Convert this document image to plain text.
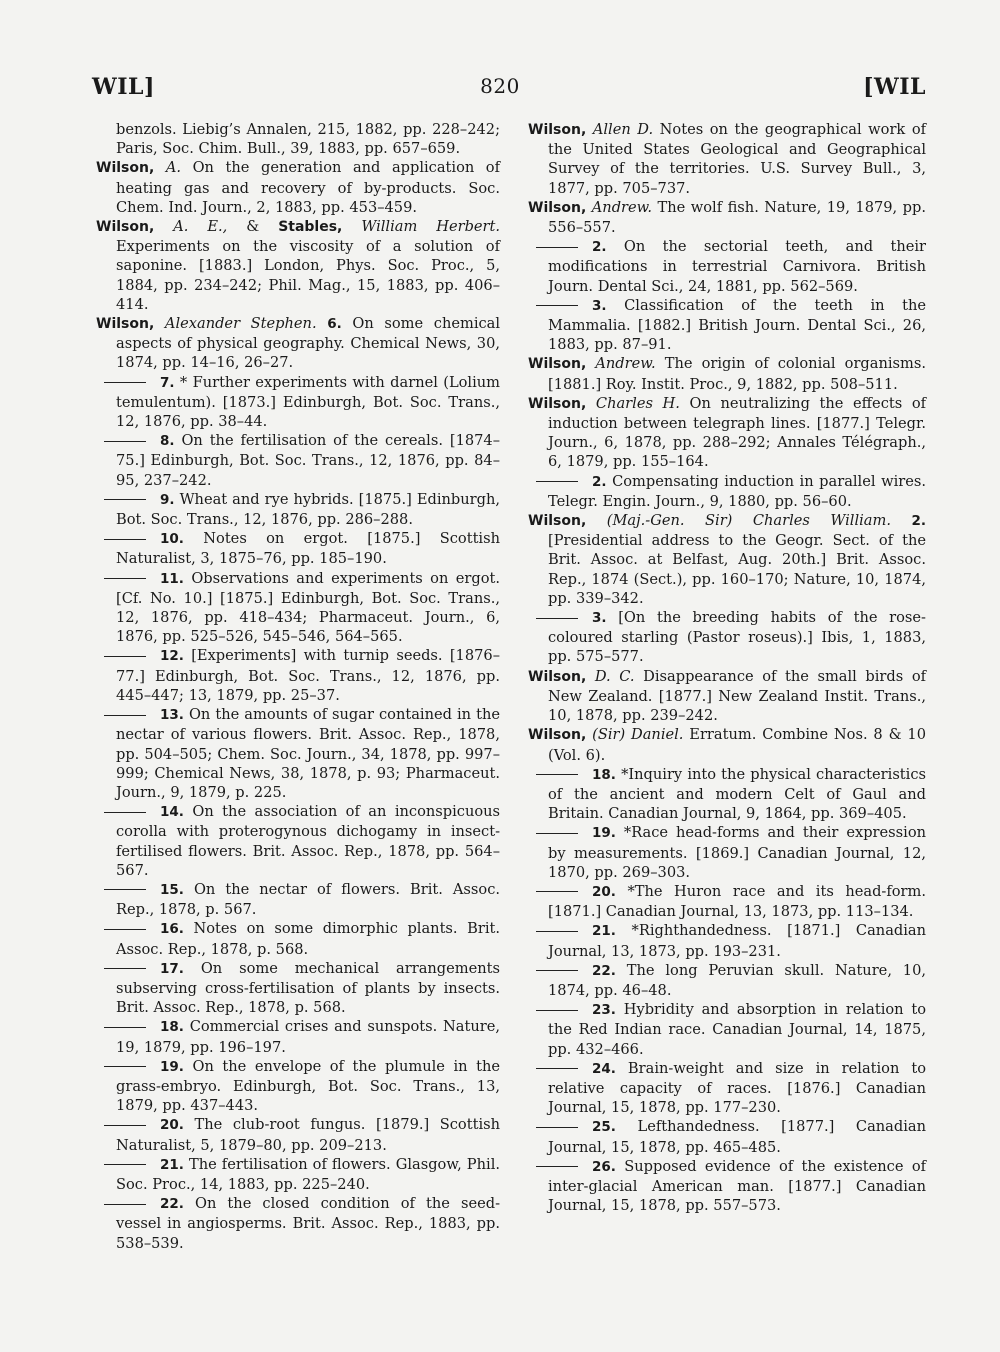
WIL]	820	[WIL

benzols. Liebig’s Annalen, 215, 1882, pp. 228–242; Paris, Soc. Chim. Bull., 39, 1883, pp. 657–659.

Wilson, A. On the generation and application of heating gas and recovery of by-products. Soc. Chem. Ind. Journ., 2, 1883, pp. 453–459.

Wilson, A. E., & Stables, William Herbert. Experiments on the viscosity of a solution of saponine. [1883.] London, Phys. Soc. Proc., 5, 1884, pp. 234–242; Phil. Mag., 15, 1883, pp. 406–414.

Wilson, Alexander Stephen. 6. On some chemical aspects of physical geography. Chemical News, 30, 1874, pp. 14–16, 26–27.

7. * Further experiments with darnel (Lolium temulentum). [1873.] Edinburgh, Bot. Soc. Trans., 12, 1876, pp. 38–44.

8. On the fertilisation of the cereals. [1874–75.] Edinburgh, Bot. Soc. Trans., 12, 1876, pp. 84–95, 237–242.

9. Wheat and rye hybrids. [1875.] Edinburgh, Bot. Soc. Trans., 12, 1876, pp. 286–288.

10. Notes on ergot. [1875.] Scottish Naturalist, 3, 1875–76, pp. 185–190.

11. Observations and experiments on ergot. [Cf. No. 10.] [1875.] Edinburgh, Bot. Soc. Trans., 12, 1876, pp. 418–434; Pharmaceut. Journ., 6, 1876, pp. 525–526, 545–546, 564–565.

12. [Experiments] with turnip seeds. [1876–77.] Edinburgh, Bot. Soc. Trans., 12, 1876, pp. 445–447; 13, 1879, pp. 25–37.

13. On the amounts of sugar contained in the nectar of various flowers. Brit. Assoc. Rep., 1878, pp. 504–505; Chem. Soc. Journ., 34, 1878, pp. 997–999; Chemical News, 38, 1878, p. 93; Pharmaceut. Journ., 9, 1879, p. 225.

14. On the association of an inconspicuous corolla with proterogynous dichogamy in insect-fertilised flowers. Brit. Assoc. Rep., 1878, pp. 564–567.

15. On the nectar of flowers. Brit. Assoc. Rep., 1878, p. 567.

16. Notes on some dimorphic plants. Brit. Assoc. Rep., 1878, p. 568.

17. On some mechanical arrangements subserving cross-fertilisation of plants by insects. Brit. Assoc. Rep., 1878, p. 568.

18. Commercial crises and sunspots. Nature, 19, 1879, pp. 196–197.

19. On the envelope of the plumule in the grass-embryo. Edinburgh, Bot. Soc. Trans., 13, 1879, pp. 437–443.

20. The club-root fungus. [1879.] Scottish Naturalist, 5, 1879–80, pp. 209–213.

21. The fertilisation of flowers. Glasgow, Phil. Soc. Proc., 14, 1883, pp. 225–240.

22. On the closed condition of the seed-vessel in angiosperms. Brit. Assoc. Rep., 1883, pp. 538–539.

Wilson, Allen D. Notes on the geographical work of the United States Geological and Geographical Survey of the territories. U.S. Survey Bull., 3, 1877, pp. 705–737.

Wilson, Andrew. The wolf fish. Nature, 19, 1879, pp. 556–557.

2. On the sectorial teeth, and their modifications in terrestrial Carnivora. British Journ. Dental Sci., 24, 1881, pp. 562–569.

3. Classification of the teeth in the Mammalia. [1882.] British Journ. Dental Sci., 26, 1883, pp. 87–91.

Wilson, Andrew. The origin of colonial organisms. [1881.] Roy. Instit. Proc., 9, 1882, pp. 508–511.

Wilson, Charles H. On neutralizing the effects of induction between telegraph lines. [1877.] Telegr. Journ., 6, 1878, pp. 288–292; Annales Télégraph., 6, 1879, pp. 155–164.

2. Compensating induction in parallel wires. Telegr. Engin. Journ., 9, 1880, pp. 56–60.

Wilson, (Maj.-Gen. Sir) Charles William. 2. [Presidential address to the Geogr. Sect. of the Brit. Assoc. at Belfast, Aug. 20th.] Brit. Assoc. Rep., 1874 (Sect.), pp. 160–170; Nature, 10, 1874, pp. 339–342.

3. [On the breeding habits of the rose-coloured starling (Pastor roseus).] Ibis, 1, 1883, pp. 575–577.

Wilson, D. C. Disappearance of the small birds of New Zealand. [1877.] New Zealand Instit. Trans., 10, 1878, pp. 239–242.

Wilson, (Sir) Daniel. Erratum. Combine Nos. 8 & 10 (Vol. 6).

18. *Inquiry into the physical characteristics of the ancient and modern Celt of Gaul and Britain. Canadian Journal, 9, 1864, pp. 369–405.

19. *Race head-forms and their expression by measurements. [1869.] Canadian Journal, 12, 1870, pp. 269–303.

20. *The Huron race and its head-form. [1871.] Canadian Journal, 13, 1873, pp. 113–134.

21. *Righthandedness. [1871.] Canadian Journal, 13, 1873, pp. 193–231.

22. The long Peruvian skull. Nature, 10, 1874, pp. 46–48.

23. Hybridity and absorption in relation to the Red Indian race. Canadian Journal, 14, 1875, pp. 432–466.

24. Brain-weight and size in relation to relative capacity of races. [1876.] Canadian Journal, 15, 1878, pp. 177–230.

25. Lefthandedness. [1877.] Canadian Journal, 15, 1878, pp. 465–485.

26. Supposed evidence of the existence of inter-glacial American man. [1877.] Canadian Journal, 15, 1878, pp. 557–573.
